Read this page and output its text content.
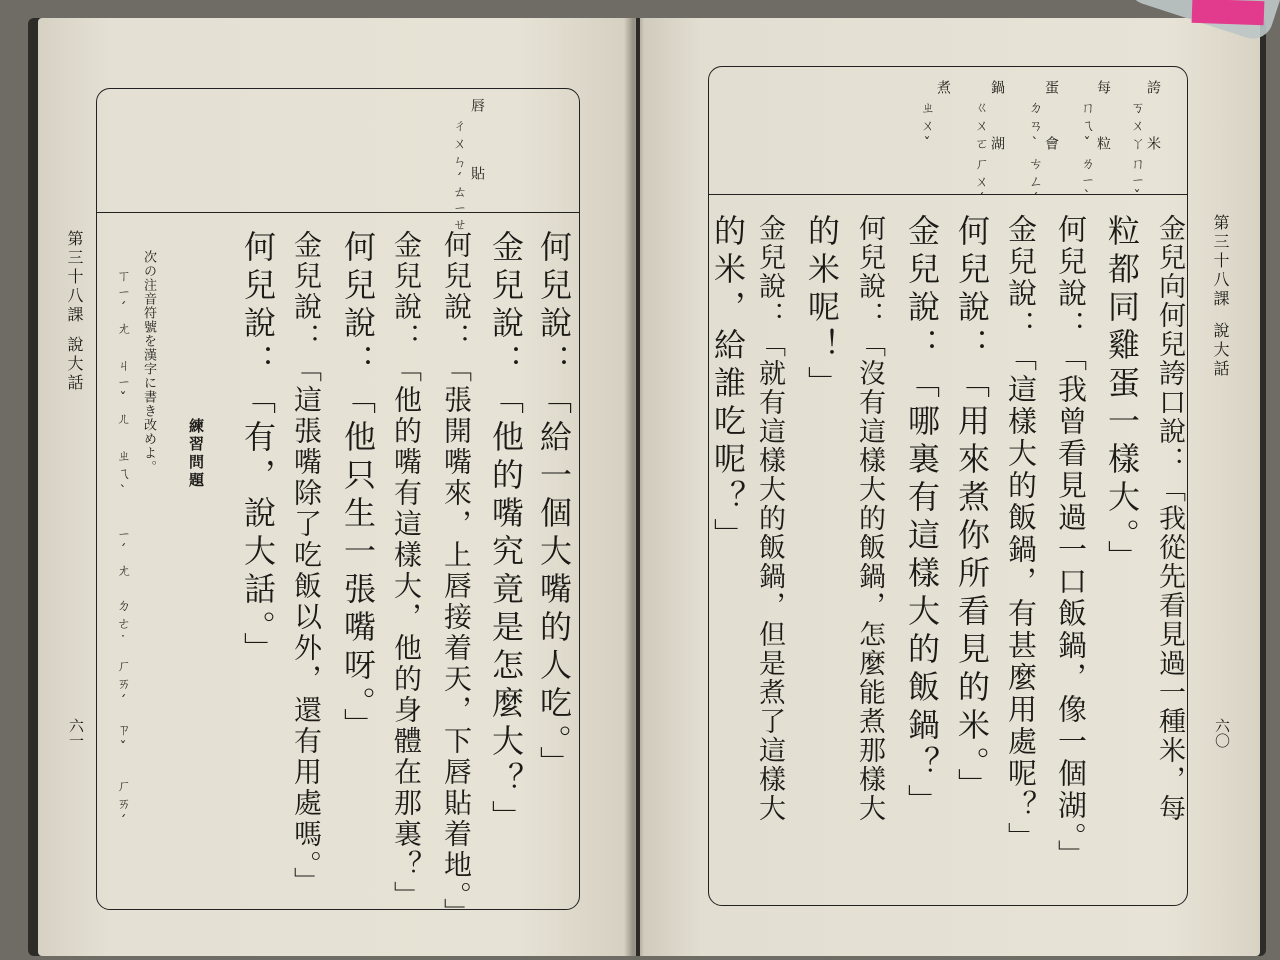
唇
ㄔㄨㄣˊ 貼
ㄊㄧㄝ
何兒說：「給一個大嘴的人吃。」
金兒說：「他的嘴究竟是怎麼大？」
何兒說：「張開嘴來，上唇接着天，下唇貼着地。」
金兒說：「他的嘴有這樣大，他的身體在那裏？」
何兒說：「他只生一張嘴呀。」
金兒說：「這張嘴除了吃飯以外，還有用處嗎。」
何兒說：「有，說大話。」
練習問題
次の注音符號を漢字に書き改めよ。
ㄒㄧˊㄤ
ㄐㄧˇㄦ
ㄓㄟˋ
ㄧˊㄤ
ㄉㄜ˙
ㄏㄞˊ
ㄗˇ
ㄏㄞˊ
第三十八課
說大話
六一
誇
ㄎㄨㄚ
每
ㄇㄟˇ
蛋
ㄉㄢˋ
鍋
ㄍㄨㄛ
煮
ㄓㄨˇ	米
ㄇㄧˇ
粒
ㄌㄧˋ
會
ㄘㄥˊ
湖
ㄏㄨˊ
金兒向何兒誇口說：「我從先看見過一種米，每
粒都同雞蛋一樣大。」
何兒說：「我曾看見過一口飯鍋，像一個湖。」
金兒說：「這樣大的飯鍋，有甚麼用處呢？」
何兒說：「用來煮你所看見的米。」
金兒說：「哪裏有這樣大的飯鍋？」
何兒說：「沒有這樣大的飯鍋，怎麼能煮那樣大
的米呢！」
金兒說：「就有這樣大的飯鍋，但是煮了這樣大
的米，給誰吃呢？」	第三十八課
說大話
六〇
